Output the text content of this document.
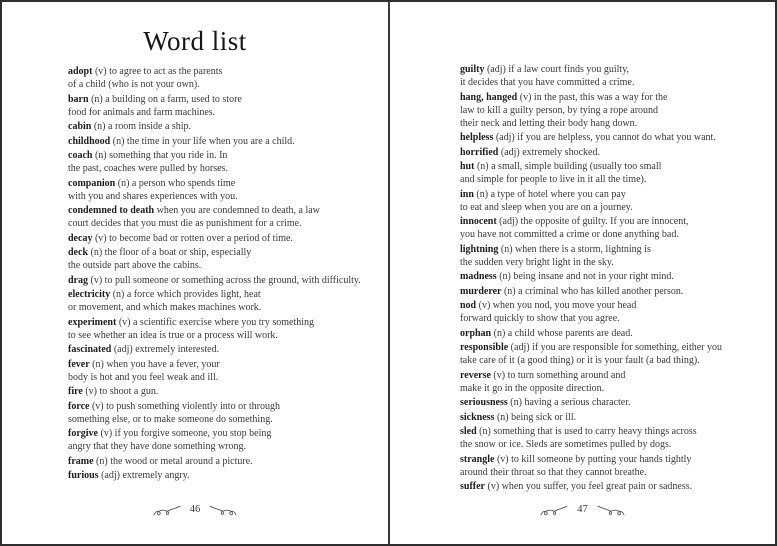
Word list

adopt (v) to agree to act as the parents
of a child (who is not your own).

barn (n) a building on a farm, used to store
food for animals and farm machines.

cabin (n) a room inside a ship.

childhood (n) the time in your life when you are a child.

coach (n) something that you ride in. In
the past, coaches were pulled by horses.

companion (n) a person who spends time
with you and shares experiences with you.

condemned to death when you are condemned to death, a law
court decides that you must die as punishment for a crime.

decay (v) to become bad or rotten over a period of time.

deck (n) the floor of a boat or ship, especially
the outside part above the cabins.

drag (v) to pull someone or something across the ground, with difficulty.

electricity (n) a force which provides light, heat
or movement, and which makes machines work.

experiment (v) a scientific exercise where you try something
to see whether an idea is true or a process will work.

fascinated (adj) extremely interested.

fever (n) when you have a fever, your
body is hot and you feel weak and ill.

fire (v) to shoot a gun.

force (v) to push something violently into or through
something else, or to make someone do something.

forgive (v) if you forgive someone, you stop being
angry that they have done something wrong.

frame (n) the wood or metal around a picture.

furious (adj) extremely angry.

46

guilty (adj) if a law court finds you guilty,
it decides that you have committed a crime.

hang, hanged (v) in the past, this was a way for the
law to kill a guilty person, by tying a rope around
their neck and letting their body hang down.

helpless (adj) if you are helpless, you cannot do what you want.

horrified (adj) extremely shocked.

hut (n) a small, simple building (usually too small
and simple for people to live in it all the time).

inn (n) a type of hotel where you can pay
to eat and sleep when you are on a journey.

innocent (adj) the opposite of guilty. If you are innocent,
you have not committed a crime or done anything bad.

lightning (n) when there is a storm, lightning is
the sudden very bright light in the sky.

madness (n) being insane and not in your right mind.

murderer (n) a criminal who has killed another person.

nod (v) when you nod, you move your head
forward quickly to show that you agree.

orphan (n) a child whose parents are dead.

responsible (adj) if you are responsible for something, either you
take care of it (a good thing) or it is your fault (a bad thing).

reverse (v) to turn something around and
make it go in the opposite direction.

seriousness (n) having a serious character.

sickness (n) being sick or ill.

sled (n) something that is used to carry heavy things across
the snow or ice. Sleds are sometimes pulled by dogs.

strangle (v) to kill someone by putting your hands tightly
around their throat so that they cannot breathe.

suffer (v) when you suffer, you feel great pain or sadness.

47
